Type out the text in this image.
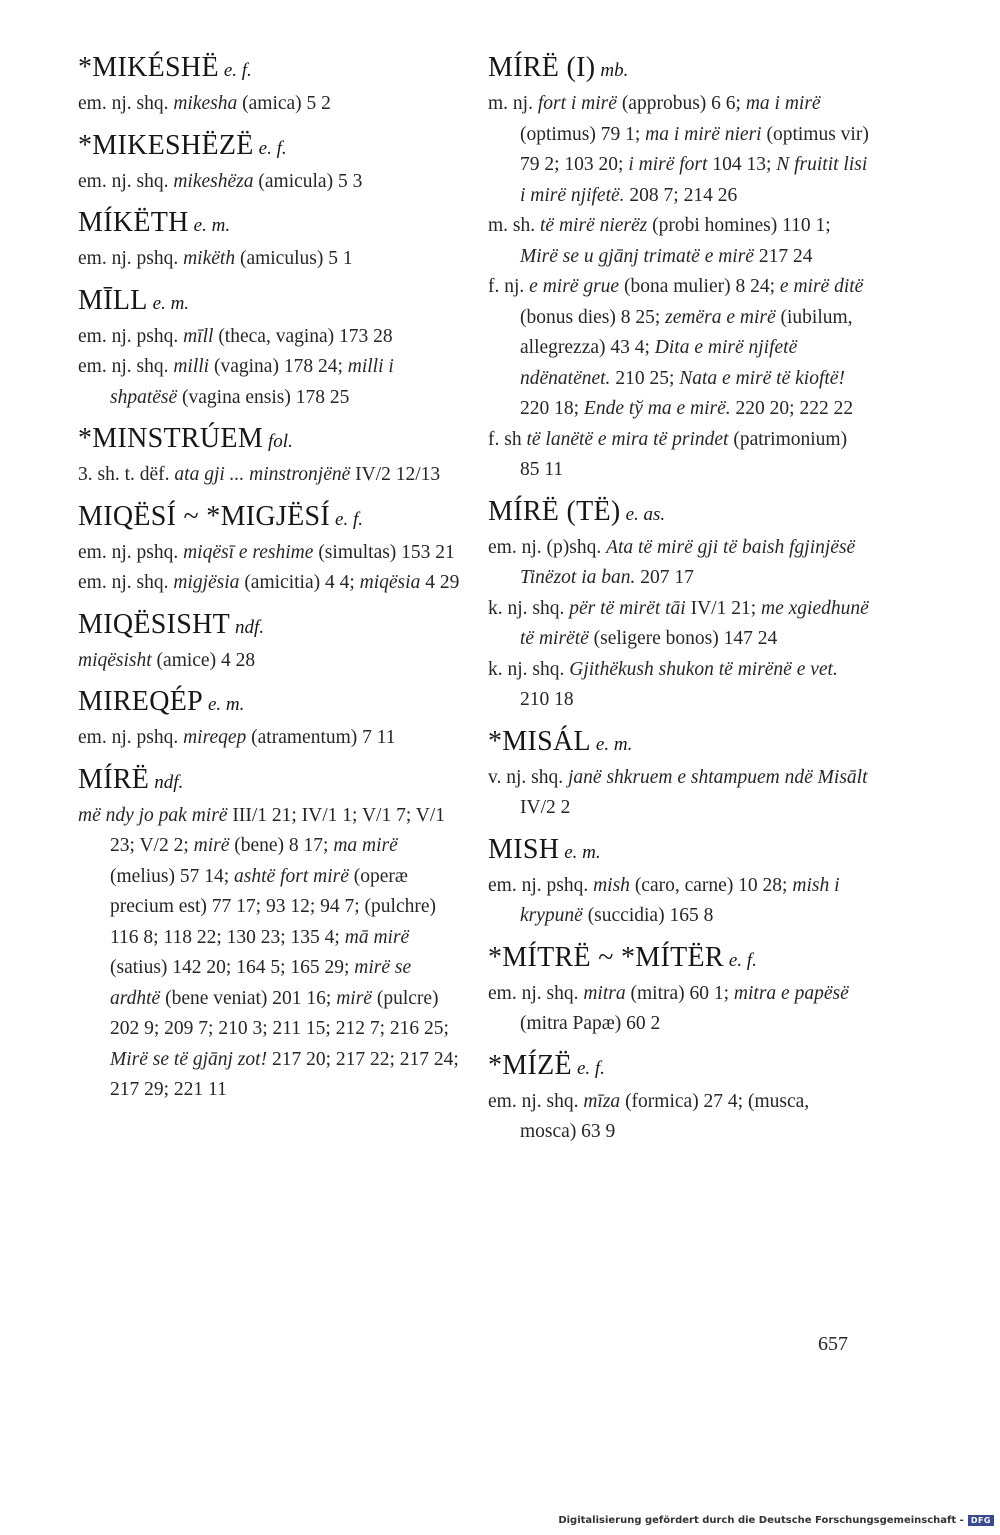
*MIKÉSHË e. f.
em. nj. shq. mikesha (amica) 5 2
*MIKESHËZË e. f.
em. nj. shq. mikeshëza (amicula) 5 3
MÍKËTH e. m.
em. nj. pshq. mikëth (amiculus) 5 1
MĪLL e. m.
em. nj. pshq. mīll (theca, vagina) 173 28
em. nj. shq. milli (vagina) 178 24; milli i shpatësë (vagina ensis) 178 25
*MINSTRÚEM fol.
3. sh. t. dëf. ata gji ... minstronjënë IV/2 12/13
MIQËSÍ ~ *MIGJËSÍ e. f.
em. nj. pshq. miqësī e reshime (simultas) 153 21
em. nj. shq. migjësia (amicitia) 4 4; miqësia 4 29
MIQËSISHT ndf.
miqësisht (amice) 4 28
MIREQÉP e. m.
em. nj. pshq. mireqep (atramentum) 7 11
MÍRË ndf.
më ndy jo pak mirë III/1 21; IV/1 1; V/1 7; V/1 23; V/2 2; mirë (bene) 8 17; ma mirë (melius) 57 14; ashtë fort mirë (operæ precium est) 77 17; 93 12; 94 7; (pulchre) 116 8; 118 22; 130 23; 135 4; mā mirë (satius) 142 20; 164 5; 165 29; mirë se ardhtë (bene veniat) 201 16; mirë (pulcre) 202 9; 209 7; 210 3; 211 15; 212 7; 216 25; Mirë se të gjānj zot! 217 20; 217 22; 217 24; 217 29; 221 11
MÍRË (I) mb.
m. nj. fort i mirë (approbus) 6 6; ma i mirë (optimus) 79 1; ma i mirë nieri (optimus vir) 79 2; 103 20; i mirë fort 104 13; N fruitit lisi i mirë njifetë. 208 7; 214 26
m. sh. të mirë nierëz (probi homines) 110 1; Mirë se u gjānj trimatë e mirë 217 24
f. nj. e mirë grue (bona mulier) 8 24; e mirë ditë (bonus dies) 8 25; zemëra e mirë (iubilum, allegrezza) 43 4; Dita e mirë njifetë ndënatënet. 210 25; Nata e mirë të kioftë! 220 18; Ende tў ma e mirë. 220 20; 222 22
f. sh të lanëtë e mira të prindet (patrimonium) 85 11
MÍRË (TË) e. as.
em. nj. (p)shq. Ata të mirë gji të baish fgjinjësë Tinëzot ia ban. 207 17
k. nj. shq. për të mirët tāi IV/1 21; me xgiedhunë të mirëtë (seligere bonos) 147 24
k. nj. shq. Gjithëkush shukon të mirënë e vet. 210 18
*MISÁL e. m.
v. nj. shq. janë shkruem e shtampuem ndë Misālt IV/2 2
MISH e. m.
em. nj. pshq. mish (caro, carne) 10 28; mish i krypunë (succidia) 165 8
*MÍTRË ~ *MÍTËR e. f.
em. nj. shq. mitra (mitra) 60 1; mitra e papësë (mitra Papæ) 60 2
*MÍZË e. f.
em. nj. shq. mīza (formica) 27 4; (musca, mosca) 63 9
657
Digitalisierung gefördert durch die Deutsche Forschungsgemeinschaft - DFG
